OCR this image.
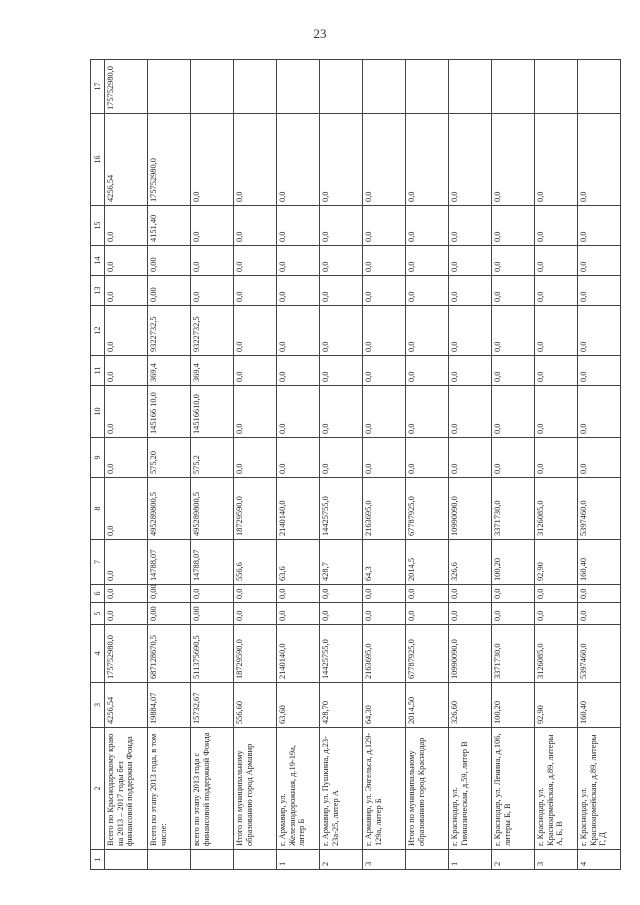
23
1	2	3	4	5	6	7	8	9	10	11	12	13	14	15	16	17
	Всего по Краснодарскому краю на 2013 – 2017 годы без финансовой поддержки Фонда	4256,54	175752980,0	0,0	0,0	0,0	0,0	0,0	0,0	0,0	0,0	0,0	0,0	0,0	4256,54	175752980,0
	Всего по этапу 2013 года, в том числе:	19884,07	687128670,5	0,00	0,00	14788,07	495289800,5	575,20	145166 10,0	369,4	9322732,5	0,00	0,00	4151,40	175752980,0	
	всего по этапу 2013 года с финансовой поддержкой Фонда	15732,67	511375690,5	0,00	0,0	14788,07	495289800,5	575,2	14516610,0	369,4	9322732,5	0,0	0,0	0,0	0,0	
	Итого по муниципальному образованию город Армавир	556,60	18729590,0	0,0	0,0	556,6	18729590,0	0,0	0,0	0,0	0,0	0,0	0,0	0,0	0,0	
1	г. Армавир, ул. Железнодорожная, д.19-19а, литер Б	63,60	2140140,0	0,0	0,0	63,6	2140140,0	0,0	0,0	0,0	0,0	0,0	0,0	0,0	0,0	
2	г. Армавир, ул. Пушкина, д.23-23а-25, литер А	428,70	14425755,0	0,0	0,0	428,7	14425755,0	0,0	0,0	0,0	0,0	0,0	0,0	0,0	0,0	
3	г. Армавир, ул. Энгельса, д.129-129а, литер Б	64,30	2163695,0	0,0	0,0	64,3	2163695,0	0,0	0,0	0,0	0,0	0,0	0,0	0,0	0,0	
	Итого по муниципальному образованию город Краснодар	2014,50	67787925,0	0,0	0,0	2014,5	67787925,0	0,0	0,0	0,0	0,0	0,0	0,0	0,0	0,0	
1	г. Краснодар, ул. Гимназическая, д.59, литер В	326,60	10990090,0	0,0	0,0	326,6	10990090,0	0,0	0,0	0,0	0,0	0,0	0,0	0,0	0,0	
2	г. Краснодар, ул. Ленина, д.106, литеры Б, В	100,20	3371730,0	0,0	0,0	100,20	3371730,0	0,0	0,0	0,0	0,0	0,0	0,0	0,0	0,0	
3	г. Краснодар, ул. Красноармейская, д.89, литеры А, Б, В	92,90	3126085,0	0,0	0,0	92,90	3126085,0	0,0	0,0	0,0	0,0	0,0	0,0	0,0	0,0	
4	г. Краснодар, ул. Красноармейская, д.89, литеры Г, Д	160,40	5397460,0	0,0	0,0	160,40	5397460,0	0,0	0,0	0,0	0,0	0,0	0,0	0,0	0,0	
